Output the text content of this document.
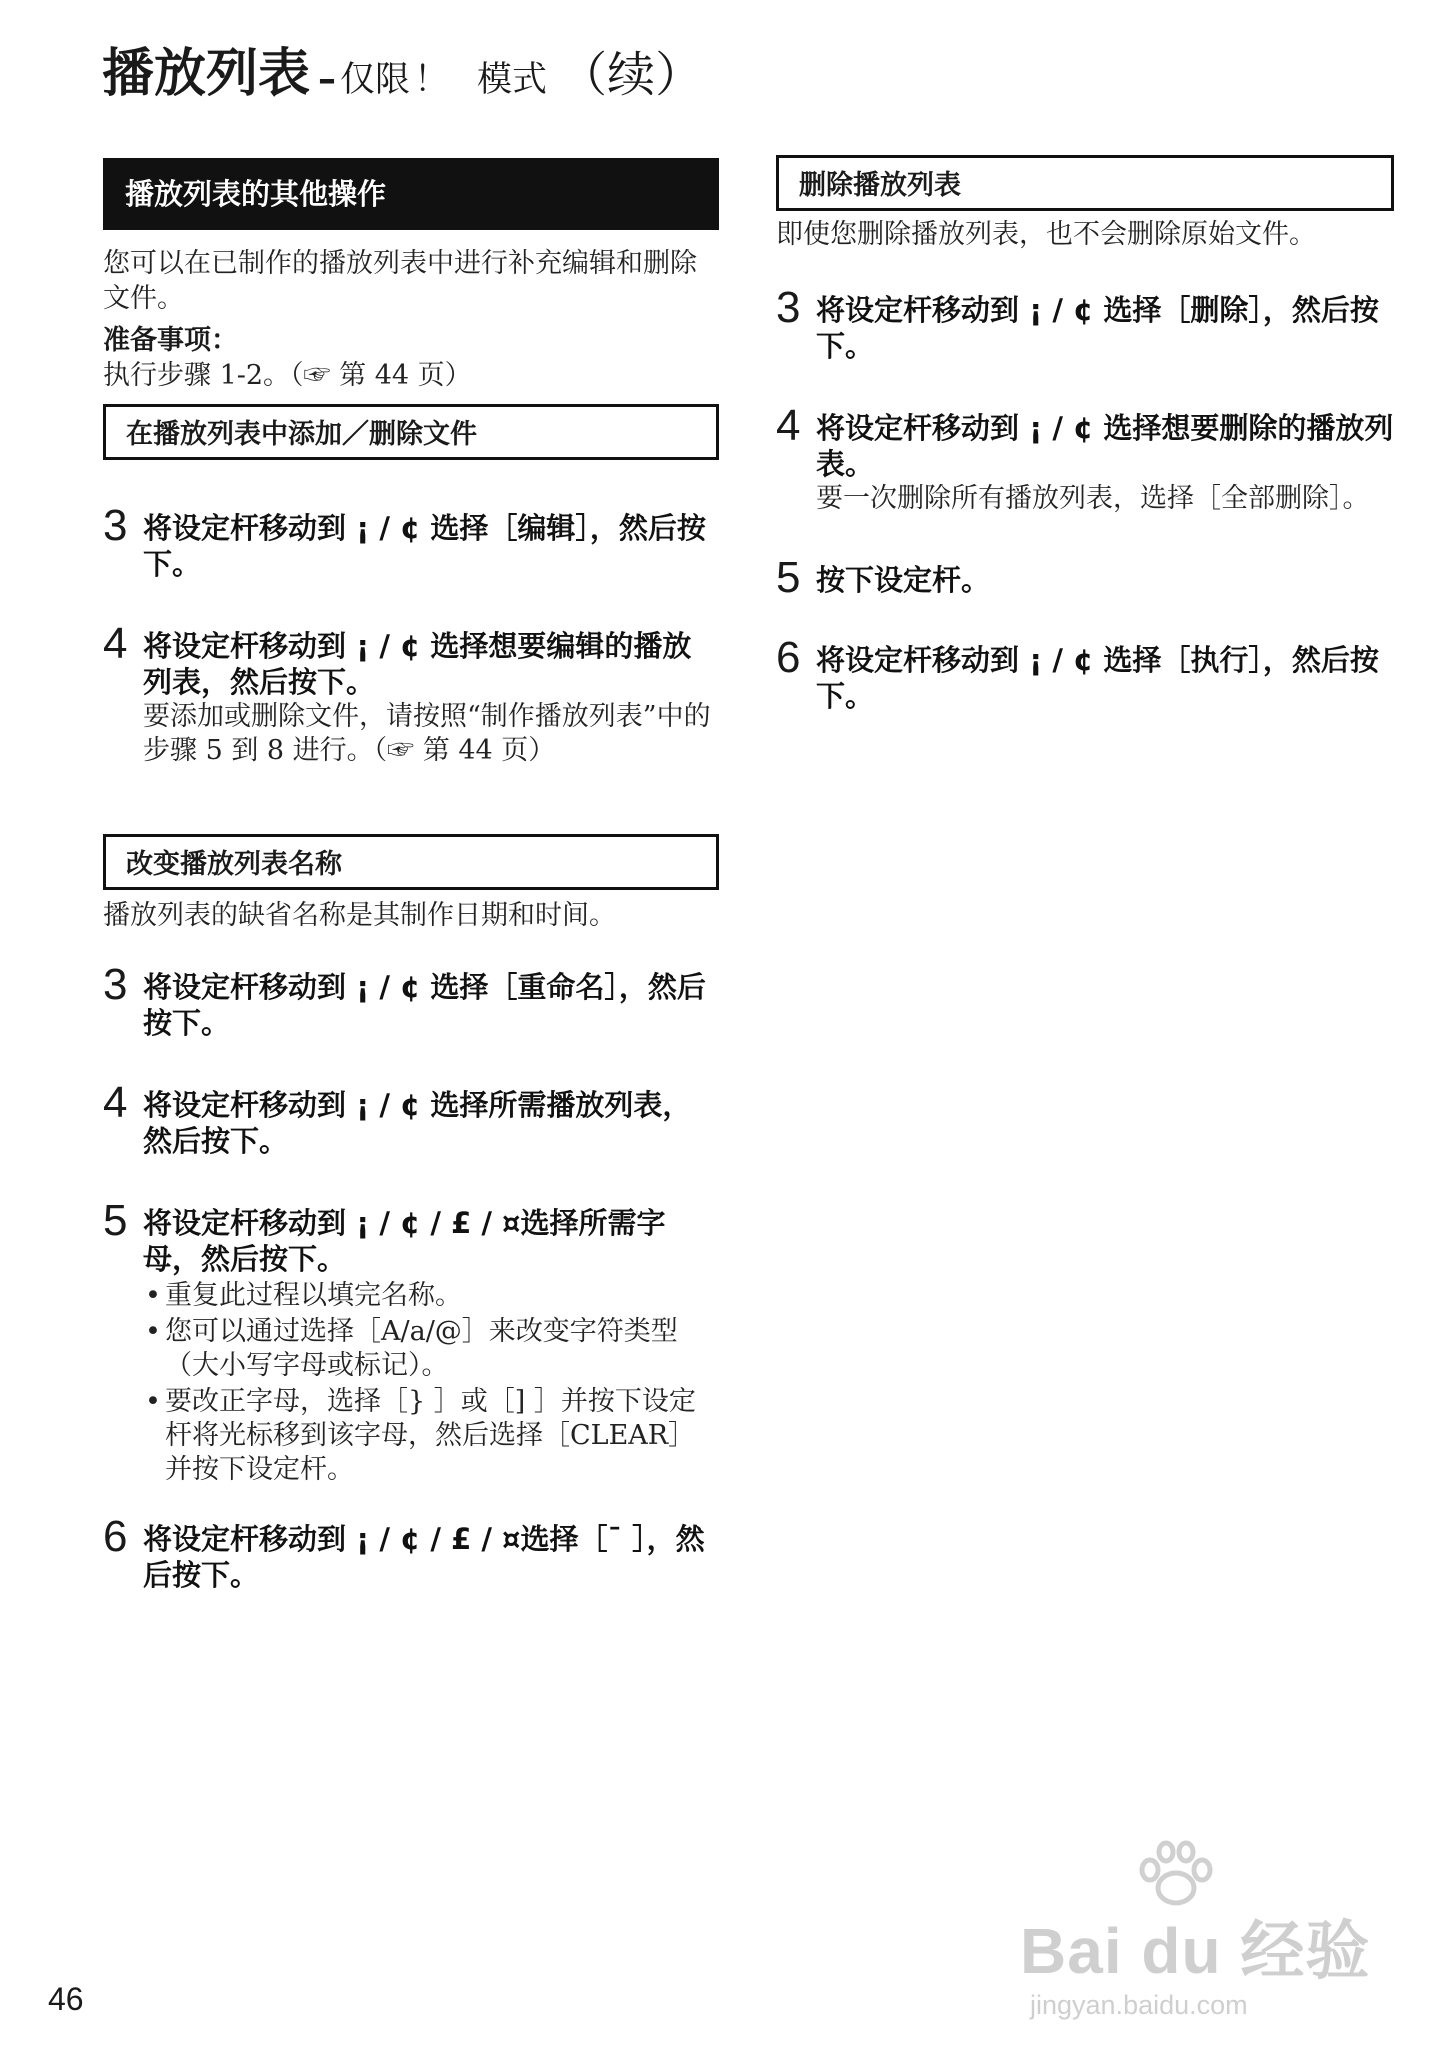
播放列表 – 仅限 ！ 模式 （续）
播放列表的其他操作
您可以在已制作的播放列表中进行补充编辑和删除文件。
准备事项：
执行步骤 1-2。（☞ 第 44 页）
在播放列表中添加／删除文件
3 将设定杆移动到 ¡ / ¢ 选择［编辑］，然后按下。
4 将设定杆移动到 ¡ / ¢ 选择想要编辑的播放列表，然后按下。
要添加或删除文件，请按照“制作播放列表”中的步骤 5 到 8 进行。（☞ 第 44 页）
改变播放列表名称
播放列表的缺省名称是其制作日期和时间。
3 将设定杆移动到 ¡ / ¢ 选择［重命名］，然后按下。
4 将设定杆移动到 ¡ / ¢ 选择所需播放列表，然后按下。
5 将设定杆移动到 ¡ / ¢ / £ / ¤选择所需字母，然后按下。
• 重复此过程以填完名称。
• 您可以通过选择［A/a/@］来改变字符类型（大小写字母或标记）。
• 要改正字母，选择［} ］或［] ］并按下设定杆将光标移到该字母，然后选择［CLEAR］并按下设定杆。
6 将设定杆移动到 ¡ / ¢ / £ / ¤选择［¯ ］，然后按下。
删除播放列表
即使您删除播放列表，也不会删除原始文件。
3 将设定杆移动到 ¡ / ¢ 选择［删除］，然后按下。
4 将设定杆移动到 ¡ / ¢ 选择想要删除的播放列表。
要一次删除所有播放列表，选择［全部删除］。
5 按下设定杆。
6 将设定杆移动到 ¡ / ¢ 选择［执行］，然后按下。
46
Bai du 经验
jingyan.baidu.com
